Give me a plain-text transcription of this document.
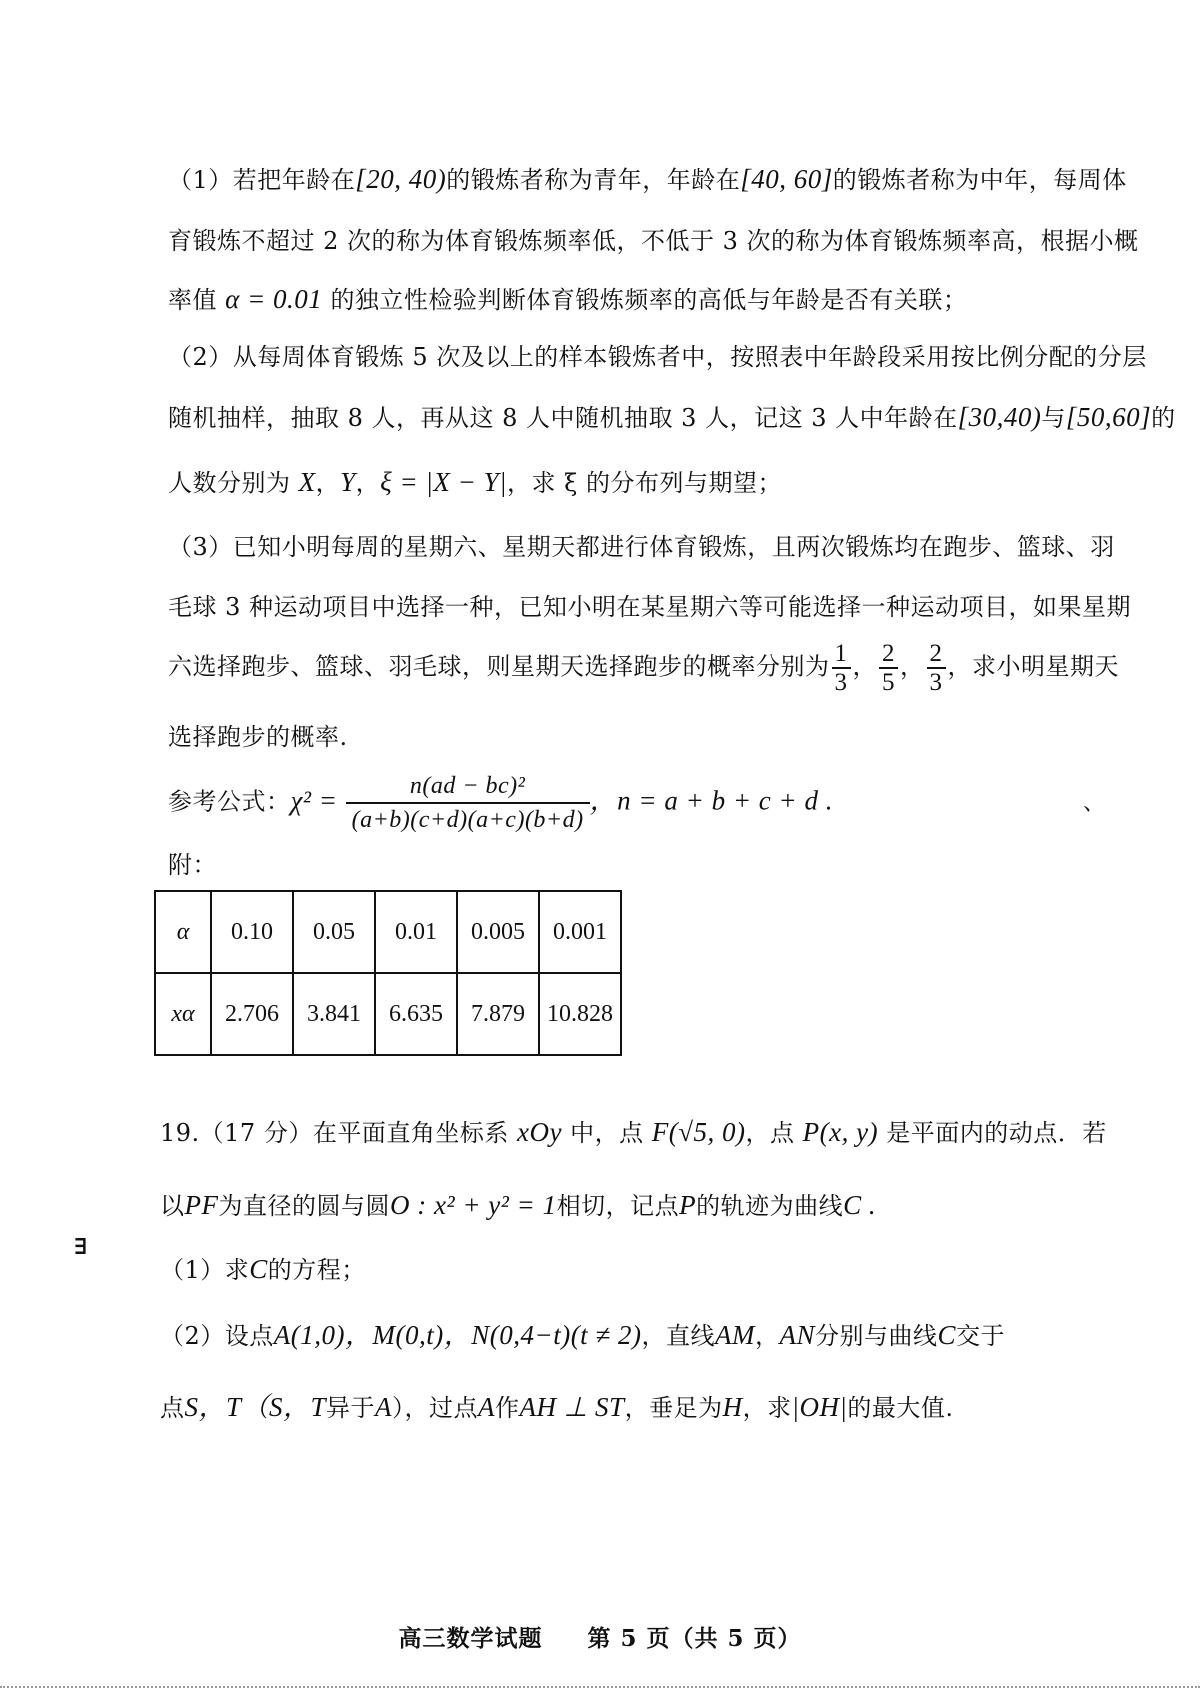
（1）若把年龄在[20, 40)的锻炼者称为青年，年龄在[40, 60]的锻炼者称为中年，每周体
育锻炼不超过 2 次的称为体育锻炼频率低，不低于 3 次的称为体育锻炼频率高，根据小概
率值 α = 0.01 的独立性检验判断体育锻炼频率的高低与年龄是否有关联；
（2）从每周体育锻炼 5 次及以上的样本锻炼者中，按照表中年龄段采用按比例分配的分层
随机抽样，抽取 8 人，再从这 8 人中随机抽取 3 人，记这 3 人中年龄在[30,40)与[50,60]的
人数分别为 X，Y，ξ = |X − Y|，求 ξ 的分布列与期望；
（3）已知小明每周的星期六、星期天都进行体育锻炼，且两次锻炼均在跑步、篮球、羽
毛球 3 种运动项目中选择一种，已知小明在某星期六等可能选择一种运动项目，如果星期
六选择跑步、篮球、羽毛球，则星期天选择跑步的概率分别为 $\frac{1}{3}$ ， $\frac{2}{5}$ ， $\frac{2}{3}$ ，求小明星期天
选择跑步的概率.
参考公式：$\chi^2 = \frac{\text{n(ad − bc)²}}{(a+b)(c+d)(a+c)(b+d)}$ ，n = a + b + c + d .	、
附：
α	0.10	0.05	0.01	0.005	0.001
xα	2.706	3.841	6.635	7.879	10.828
19.（17 分）在平面直角坐标系 xOy 中，点 F(√5, 0)，点 P(x, y) 是平面内的动点．若
以PF为直径的圆与圆O : x² + y² = 1相切，记点P的轨迹为曲线C .
∃
（1）求C的方程；
（2）设点A(1,0)，M(0,t)，N(0,4−t)(t ≠ 2)，直线AM，AN分别与曲线C交于
点S，T（S，T异于A），过点A作AH ⊥ ST，垂足为H，求|OH|的最大值.
高三数学试题 第 5 页（共 5 页）
